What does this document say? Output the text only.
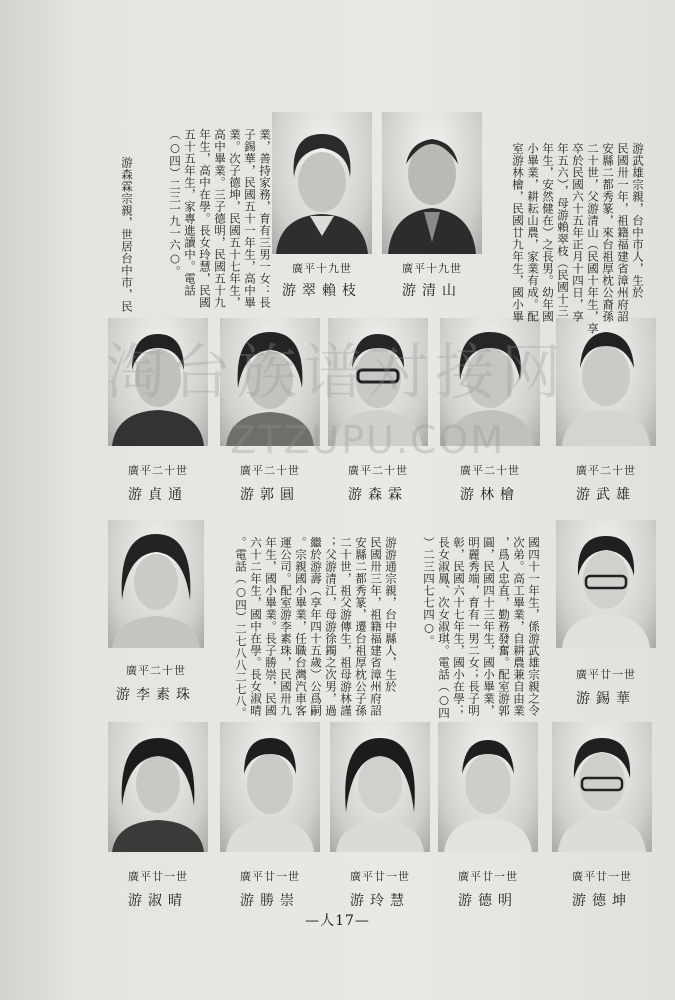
廣平十九世
游清山
廣平十九世
游翠賴枝
廣平二十世
游武雄
廣平二十世
游林檜
廣平二十世
游森霖
廣平二十世
游郭圓
廣平二十世
游貞通
廣平廿一世
游錫華
廣平二十世
游李素珠
廣平廿一世
游德坤
廣平廿一世
游德明
廣平廿一世
游玲慧
廣平廿一世
游勝崇
廣平廿一世
游淑晴

游武雄宗親，台中市人，生於
民國卅一年，祖籍福建省漳州府詔
安縣二都秀篆，來台祖厚枕公裔孫
二十世，父游清山（民國十年生，享
卒於民國六十五年正月十四日，享
年五六），母游賴翠枝（民國十三
年生，安然健在）之長男。幼年國
小畢業，耕耘山農，家業有成。配
室游林檜，民國廿九年生，國小畢

業，善持家務，育有三男一女：長
子錫華，民國五十一年生，高中畢
業。次子德坤，民國五十七年生，
高中畢業。三子德明，民國五十九
年生，高中在學。長女玲慧，民國
五十五年生，家專進讀中。電話
（○四）二三一九一六○。

游森霖宗親，世居台中市，民

國四十一年生，係游武雄宗親之令
次弟。高工畢業，自耕農兼自由業
，爲人忠直，勤務發奮。配室游郭
圓，民國四十三年生，國小畢業，
明麗秀端，育有一男二女；長子明
彰，民國六十七年生，國小在學；
長女淑鳳、次女淑琪。電話（○四
）二三四七七四○。

游游通宗親，台中縣人，生於
民國卅三年，祖籍福建省漳州府詔
安縣二都秀篆，遷台祖厚枕公子孫
二十世，祖父游傳生，祖母游林謹
；父游清江，母游徐鐲之次男，過
繼於游壽（享年四十五歲）公爲嗣
。宗親國小畢業，任職台灣汽車客
運公司。配室游李素珠，民國卅九
年生，國小畢業。長子勝崇，民國
六十二年生，國中在學。長女淑晴
。電話（○四）二七八八二七八。

淘台族谱对接网
ZTZUPU.COM
—人17—
